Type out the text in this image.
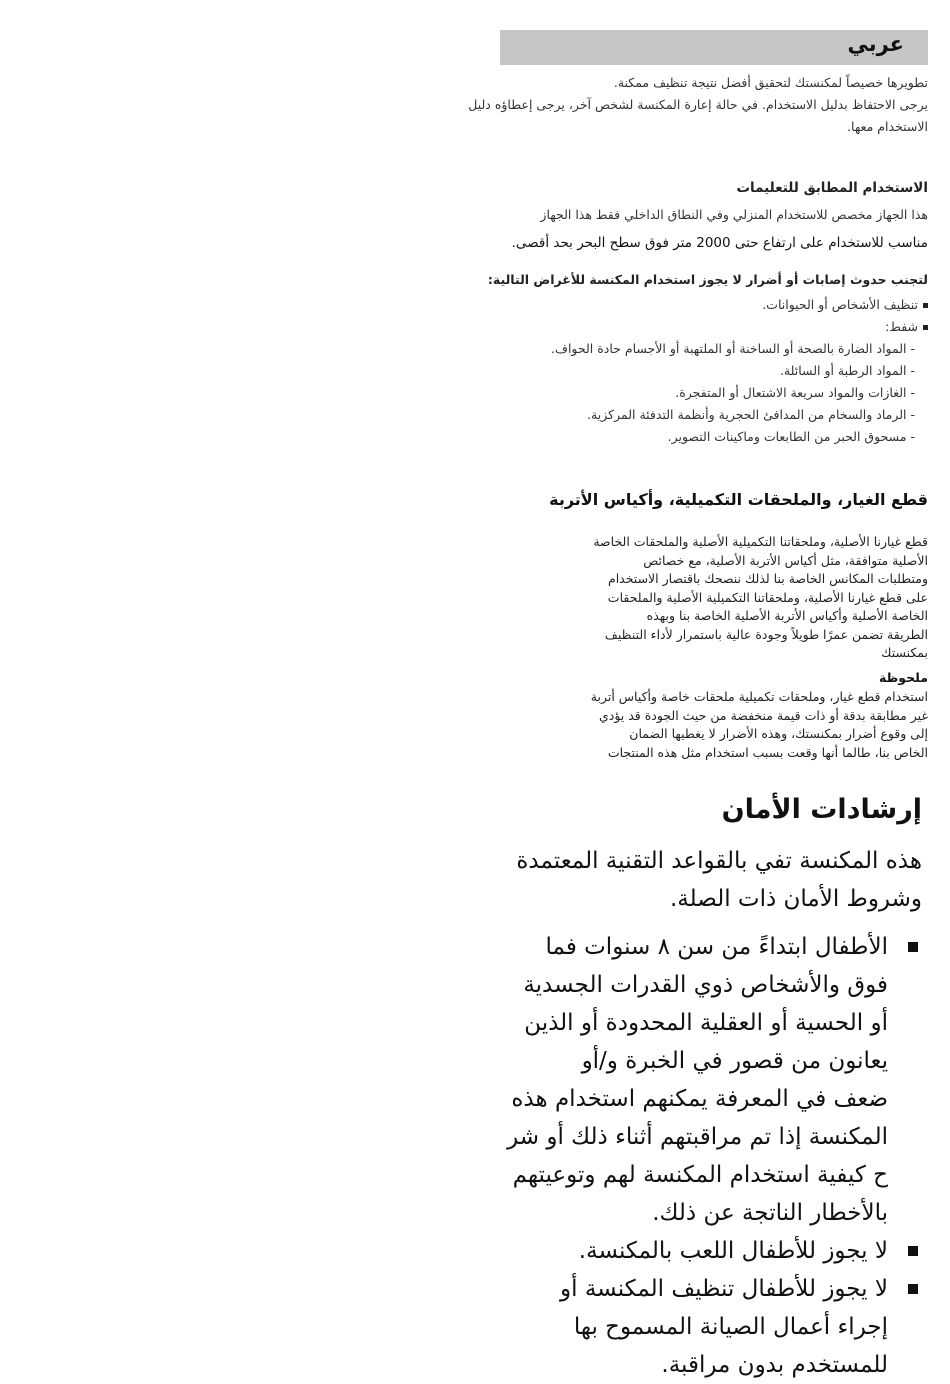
عربي
تطويرها خصيصاً لمكنستك لتحقيق أفضل نتيجة تنظيف ممكنة.
يرجى الاحتفاظ بدليل الاستخدام. في حالة إعارة المكنسة لشخص آخر، يرجى إعطاؤه دليل
الاستخدام معها.
الاستخدام المطابق للتعليمات
هذا الجهاز مخصص للاستخدام المنزلي وفي النطاق الداخلي فقط هذا الجهاز
مناسب للاستخدام على ارتفاع حتى 2000 متر فوق سطح البحر بحد أقصى.
لتجنب حدوث إصابات أو أضرار لا يجوز استخدام المكنسة للأغراض التالية:
تنظيف الأشخاص أو الحيوانات.
شفط:
- المواد الضارة بالصحة أو الساخنة أو الملتهبة أو الأجسام حادة الحواف.
- المواد الرطبة أو السائلة.
- الغازات والمواد سريعة الاشتعال أو المتفجرة.
- الرماد والسخام من المدافئ الحجرية وأنظمة التدفئة المركزية.
- مسحوق الحبر من الطابعات وماكينات التصوير.
قطع الغيار، والملحقات التكميلية، وأكياس الأتربة
قطع غيارنا الأصلية، وملحقاتنا التكميلية الأصلية والملحقات الخاصة
الأصلية متوافقة، مثل أكياس الأتربة الأصلية، مع خصائص
ومتطلبات المكانس الخاصة بنا لذلك ننصحك باقتصار الاستخدام
على قطع غيارنا الأصلية، وملحقاتنا التكميلية الأصلية والملحقات
الخاصة الأصلية وأكياس الأتربة الأصلية الخاصة بنا وبهذه
الطريقة تضمن عمرًا طويلاً وجودة عالية باستمرار لأداء التنظيف
بمكنستك
ملحوظة
استخدام قطع غيار، وملحقات تكميلية ملحقات خاصة وأكياس أتربة
غير مطابقة بدقة أو ذات قيمة منخفضة من حيث الجودة قد يؤدي
إلى وقوع أضرار بمكنستك، وهذه الأضرار لا يغطيها الضمان
الخاص بنا، طالما أنها وقعت بسبب استخدام مثل هذه المنتجات
إرشادات الأمان
هذه المكنسة تفي بالقواعد التقنية المعتمدة
وشروط الأمان ذات الصلة.
الأطفال ابتداءً من سن ٨ سنوات فما
فوق والأشخاص ذوي القدرات الجسدية
أو الحسية أو العقلية المحدودة أو الذين
يعانون من قصور في الخبرة و/أو
ضعف في المعرفة يمكنهم استخدام هذه
المكنسة إذا تم مراقبتهم أثناء ذلك أو شر
ح كيفية استخدام المكنسة لهم وتوعيتهم
بالأخطار الناتجة عن ذلك.
لا يجوز للأطفال اللعب بالمكنسة.
لا يجوز للأطفال تنظيف المكنسة أو
إجراء أعمال الصيانة المسموح بها
للمستخدم بدون مراقبة.
